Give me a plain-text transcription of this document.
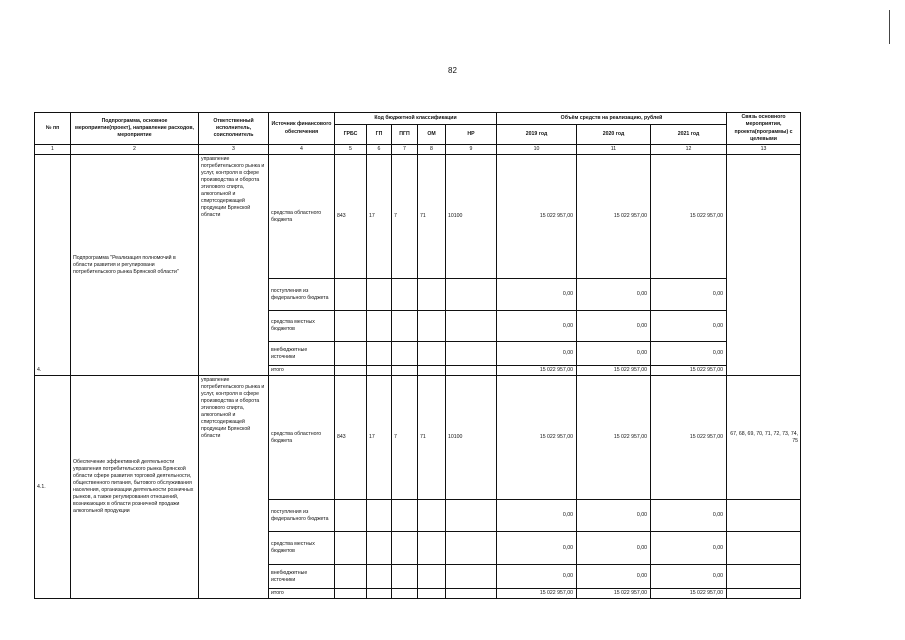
82
№ пп	Подпрограмма, основное мероприятие(проект), направление расходов, мероприятие	Ответственный исполнитель, соисполнитель	Источник финансового обеспечения	Код бюджетной классификации					Объём средств на реализацию, рублей			Связь основного мероприятия, проекта(программы) с целевыми
				ГРБС	ГП	ПГП	ОМ	НР	2019 год	2020 год	2021 год	
1	2	3	4	5	6	7	8	9	10	11	12	13
4.	Подпрограмма "Реализация полномочий в области развития и регулировани потребительского рынка Брянской области"	управление потребительского рынка и услуг, контроля в сфере производства и оборота этилового спирта, алкогольной и спиртсодержащей продукции Брянской области	средства областного бюджета	843	17	7	71	10100	15 022 957,00	15 022 957,00	15 022 957,00	
			поступления из федерального бюджета						0,00	0,00	0,00	
			средства местных бюджетов						0,00	0,00	0,00	
			внебюджетные источники						0,00	0,00	0,00	
			итого						15 022 957,00	15 022 957,00	15 022 957,00	
4.1.	Обеспечение эффективной деятельности управления потребительского рынка Брянской области сфере развития торговой деятельности, общественного питания, бытового обслуживания населения, организации деятельности розничных рынков, а также регулирования отношений, возникающих в области розничной продажи алкогольной продукции	управление потребительского рынка и услуг, контроля в сфере производства и оборота этилового спирта, алкогольной и спиртсодержащей продукции Брянской области	средства областного бюджета	843	17	7	71	10100	15 022 957,00	15 022 957,00	15 022 957,00	67, 68, 69, 70, 71, 72, 73, 74, 75
			поступления из федерального бюджета						0,00	0,00	0,00	
			средства местных бюджетов						0,00	0,00	0,00	
			внебюджетные источники						0,00	0,00	0,00	
			итого						15 022 957,00	15 022 957,00	15 022 957,00	
